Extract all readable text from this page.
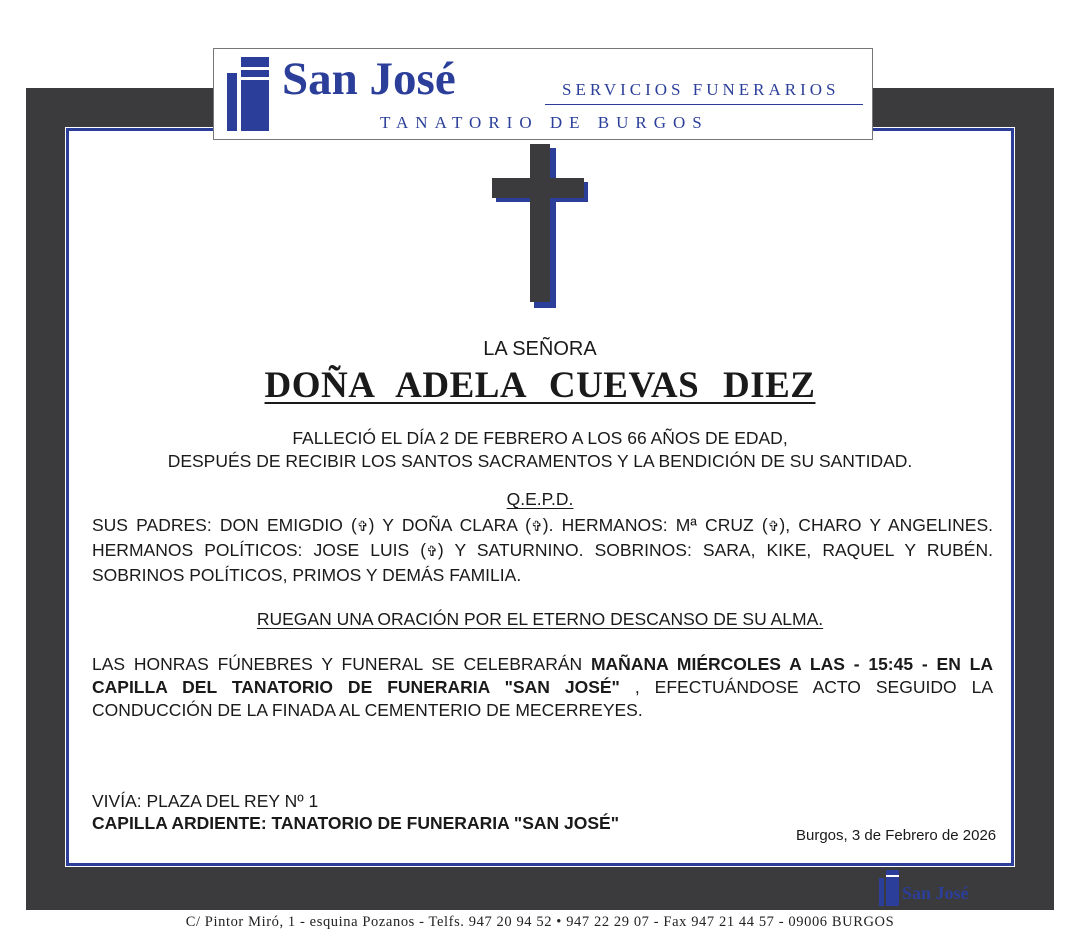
San José	SERVICIOS FUNERARIOS
TANATORIO DE BURGOS
LA SEÑORA
DOÑA ADELA CUEVAS DIEZ
FALLECIÓ EL DÍA 2 DE FEBRERO A LOS 66 AÑOS DE EDAD,
DESPUÉS DE RECIBIR LOS SANTOS SACRAMENTOS Y LA BENDICIÓN DE SU SANTIDAD.
Q.E.P.D.
SUS PADRES: DON EMIGDIO (✞) Y DOÑA CLARA (✞). HERMANOS: Mª CRUZ (✞), CHARO Y ANGELINES.
HERMANOS POLÍTICOS: JOSE LUIS (✞) Y SATURNINO. SOBRINOS: SARA, KIKE, RAQUEL Y RUBÉN.
SOBRINOS POLÍTICOS, PRIMOS Y DEMÁS FAMILIA.
RUEGAN UNA ORACIÓN POR EL ETERNO DESCANSO DE SU ALMA.
LAS HONRAS FÚNEBRES Y FUNERAL SE CELEBRARÁN MAÑANA MIÉRCOLES A LAS - 15:45 - EN LA
CAPILLA DEL TANATORIO DE FUNERARIA "SAN JOSÉ" , EFECTUÁNDOSE ACTO SEGUIDO LA
CONDUCCIÓN DE LA FINADA AL CEMENTERIO DE MECERREYES.
VIVÍA: PLAZA DEL REY Nº 1
CAPILLA ARDIENTE: TANATORIO DE FUNERARIA "SAN JOSÉ"
Burgos, 3 de Febrero de 2026
San José
C/ Pintor Miró, 1 - esquina Pozanos - Telfs. 947 20 94 52 • 947 22 29 07 - Fax 947 21 44 57 - 09006 BURGOS
